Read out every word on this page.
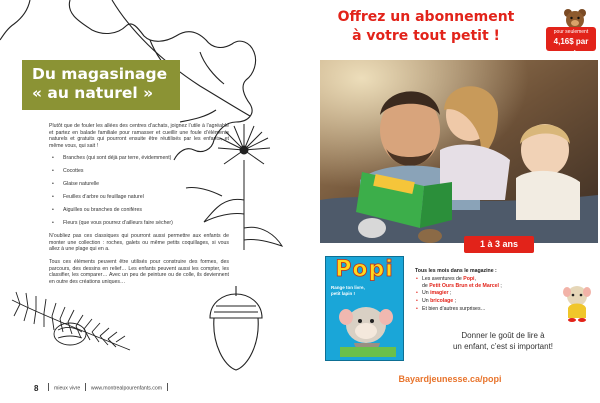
Du magasinage
« au naturel »

Plutôt que de fouler les allées des centres d’achats, joignez l’utile à l’agréable et partez en balade familiale pour ramasser et cueillir une foule d’éléments naturels et gratuits qui pourront ensuite être réutilisés par les enfants, et même vous, qui sait !

• Branches (qui sont déjà par terre, évidemment)
• Cocottes
• Glaise naturelle
• Feuilles d’arbre ou feuillage naturel
• Aiguilles ou branches de conifères
• Fleurs (que vous pourrez d’ailleurs faire sécher)

N’oubliez pas ces classiques qui pourront aussi permettre aux enfants de monter une collection : roches, galets ou même petits coquillages, si vous allez à une plage qui en a.

Tous ces éléments peuvent être utilisés pour construire des formes, des parcours, des dessins en relief… Les enfants peuvent aussi les compter, les classifier, les comparer… Avec un peu de peinture ou de colle, ils deviennent en outre des créations uniques…

8	mieux vivre www.montrealpourenfants.com
Offrez un abonnement
à votre tout petit !	pour seulement
4,16$ par mois
1 à 3 ans
Popi
Range ton livre, petit lapin !
Tous les mois dans le magazine :
• Les aventures de Popi,
de Petit Ours Brun et de Marcel ;
• Un imagier ;
• Un bricolage ;
• Et bien d’autres surprises…
Donner le goût de lire à
un enfant, c’est si important!
Bayardjeunesse.ca/popi
